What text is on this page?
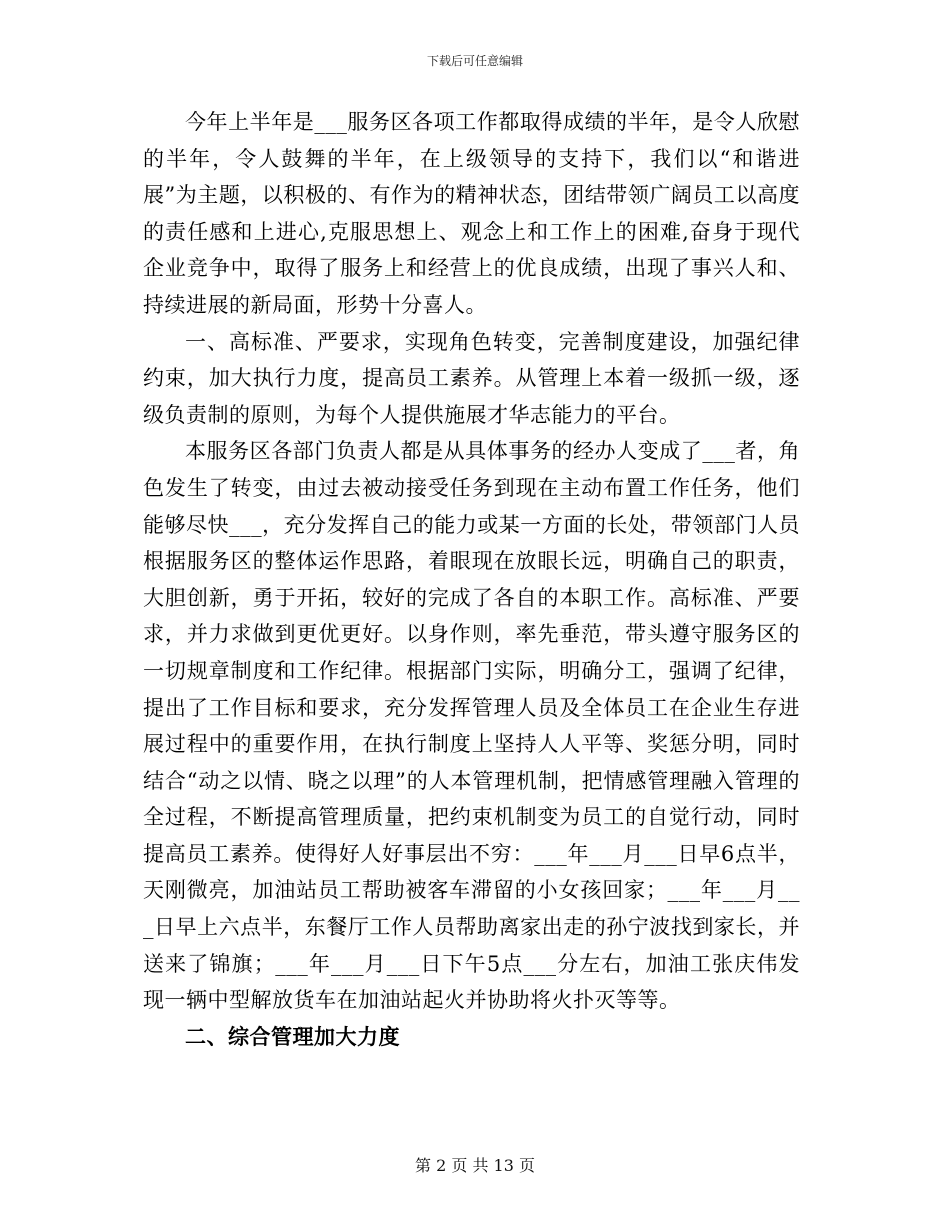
下载后可任意编辑

今年上半年是___服务区各项工作都取得成绩的半年，是令人欣慰的半年，令人鼓舞的半年，在上级领导的支持下，我们以“和谐进展”为主题，以积极的、有作为的精神状态，团结带领广阔员工以高度的责任感和上进心,克服思想上、观念上和工作上的困难,奋身于现代企业竞争中，取得了服务上和经营上的优良成绩，出现了事兴人和、持续进展的新局面，形势十分喜人。

一、高标准、严要求，实现角色转变，完善制度建设，加强纪律约束，加大执行力度，提高员工素养。从管理上本着一级抓一级，逐级负责制的原则，为每个人提供施展才华志能力的平台。

本服务区各部门负责人都是从具体事务的经办人变成了___者，角色发生了转变，由过去被动接受任务到现在主动布置工作任务，他们能够尽快___，充分发挥自己的能力或某一方面的长处，带领部门人员根据服务区的整体运作思路，着眼现在放眼长远，明确自己的职责，大胆创新，勇于开拓，较好的完成了各自的本职工作。高标准、严要求，并力求做到更优更好。以身作则，率先垂范，带头遵守服务区的一切规章制度和工作纪律。根据部门实际，明确分工，强调了纪律，提出了工作目标和要求，充分发挥管理人员及全体员工在企业生存进展过程中的重要作用，在执行制度上坚持人人平等、奖惩分明，同时结合“动之以情、晓之以理”的人本管理机制，把情感管理融入管理的全过程，不断提高管理质量，把约束机制变为员工的自觉行动，同时提高员工素养。使得好人好事层出不穷：___年___月___日早6点半，天刚微亮，加油站员工帮助被客车滞留的小女孩回家；___年___月___日早上六点半，东餐厅工作人员帮助离家出走的孙宁波找到家长，并送来了锦旗；___年___月___日下午5点___分左右，加油工张庆伟发现一辆中型解放货车在加油站起火并协助将火扑灭等等。

二、综合管理加大力度

第 2 页 共 13 页
